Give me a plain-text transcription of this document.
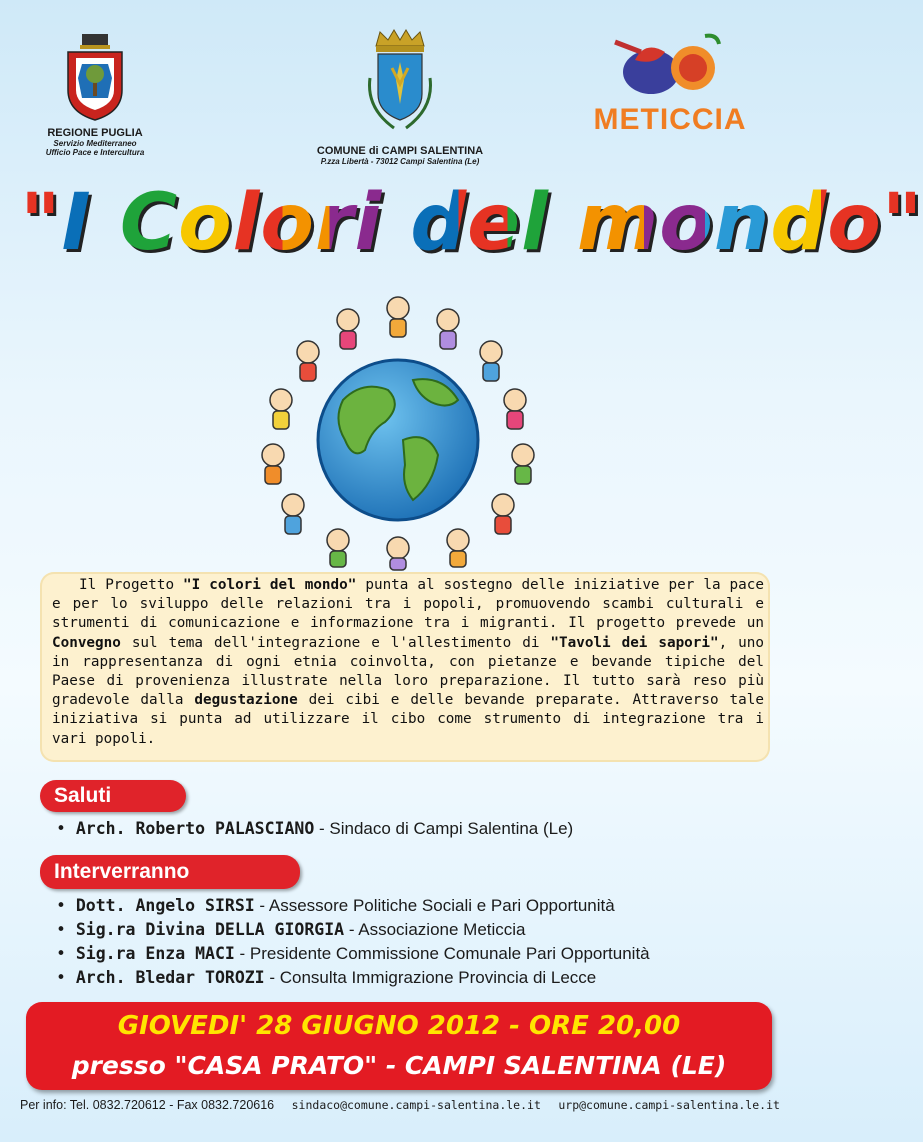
REGIONE PUGLIA
Servizio Mediterraneo
Ufficio Pace e Intercultura	COMUNE di CAMPI SALENTINA
P.zza Libertà - 73012 Campi Salentina (Le)
METICCIA
"I Colori del mondo"
Il Progetto "I colori del mondo" punta al sostegno delle iniziative per la pace e per lo sviluppo delle relazioni tra i popoli, promuovendo scambi culturali e strumenti di comunicazione e informazione tra i migranti. Il progetto prevede un Convegno sul tema dell'integrazione e l'allestimento di "Tavoli dei sapori", uno in rappresentanza di ogni etnia coinvolta, con pietanze e bevande tipiche del Paese di provenienza illustrate nella loro preparazione. Il tutto sarà reso più gradevole dalla degustazione dei cibi e delle bevande preparate. Attraverso tale iniziativa si punta ad utilizzare il cibo come strumento di integrazione tra i vari popoli.
Saluti
• Arch. Roberto PALASCIANO - Sindaco di Campi Salentina (Le)
Interverranno
• Dott. Angelo SIRSI - Assessore Politiche Sociali e Pari Opportunità
• Sig.ra Divina DELLA GIORGIA - Associazione Meticcia
• Sig.ra Enza MACI - Presidente Commissione Comunale Pari Opportunità
• Arch. Bledar TOROZI - Consulta Immigrazione Provincia di Lecce
GIOVEDI' 28 GIUGNO 2012 - ORE 20,00
presso "CASA PRATO" - CAMPI SALENTINA (LE)
Per info: Tel. 0832.720612 - Fax 0832.720616 sindaco@comune.campi-salentina.le.it urp@comune.campi-salentina.le.it
